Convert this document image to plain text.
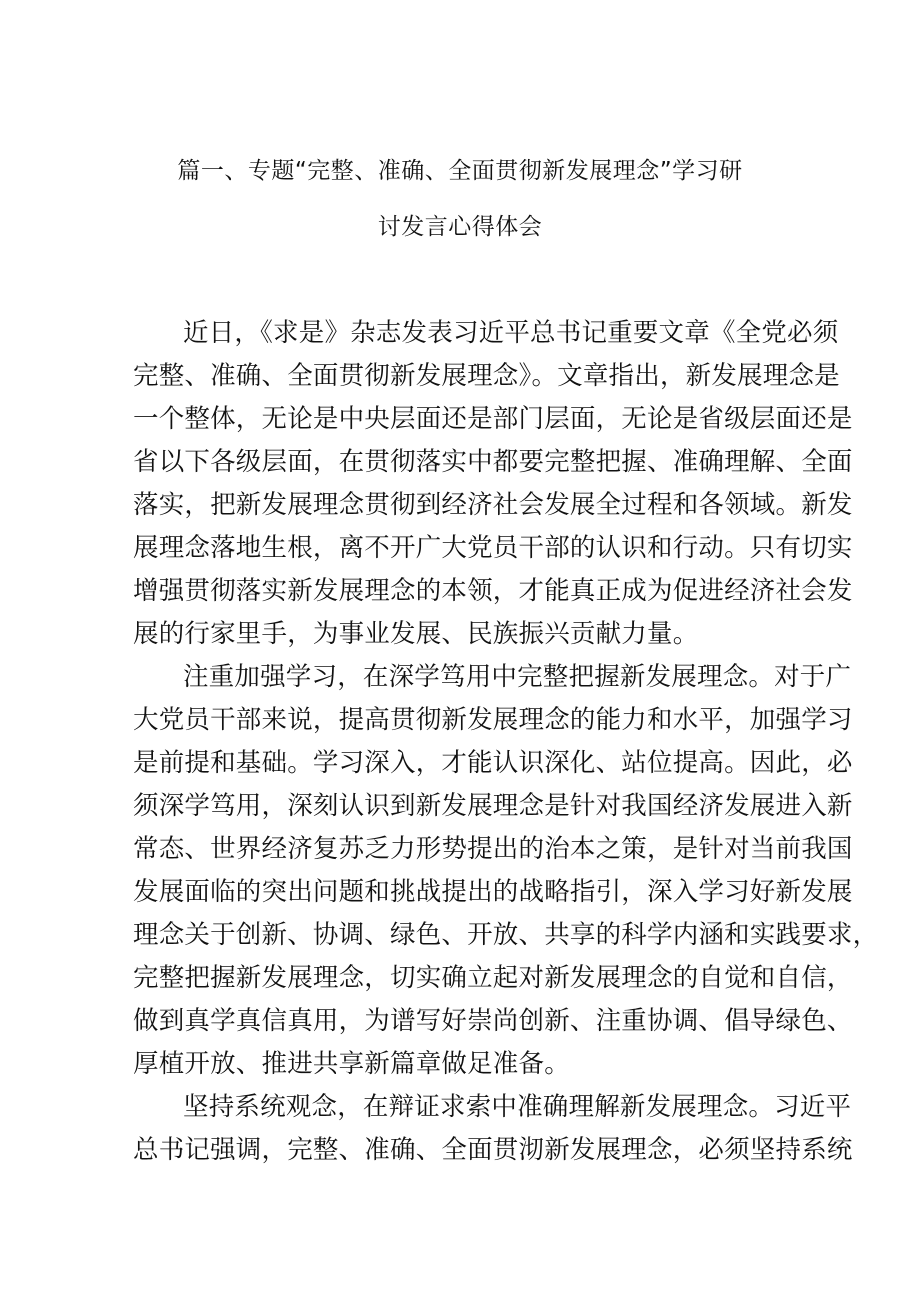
篇一、专题“完整、准确、全面贯彻新发展理念”学习研
讨发言心得体会
近日，《求是》杂志发表习近平总书记重要文章《全党必须
完整、准确、全面贯彻新发展理念》。文章指出，新发展理念是
一个整体，无论是中央层面还是部门层面，无论是省级层面还是
省以下各级层面，在贯彻落实中都要完整把握、准确理解、全面
落实，把新发展理念贯彻到经济社会发展全过程和各领域。新发
展理念落地生根，离不开广大党员干部的认识和行动。只有切实
增强贯彻落实新发展理念的本领，才能真正成为促进经济社会发
展的行家里手，为事业发展、民族振兴贡献力量。
注重加强学习，在深学笃用中完整把握新发展理念。对于广
大党员干部来说，提高贯彻新发展理念的能力和水平，加强学习
是前提和基础。学习深入，才能认识深化、站位提高。因此，必
须深学笃用，深刻认识到新发展理念是针对我国经济发展进入新
常态、世界经济复苏乏力形势提出的治本之策，是针对当前我国
发展面临的突出问题和挑战提出的战略指引，深入学习好新发展
理念关于创新、协调、绿色、开放、共享的科学内涵和实践要求，
完整把握新发展理念，切实确立起对新发展理念的自觉和自信，
做到真学真信真用，为谱写好崇尚创新、注重协调、倡导绿色、
厚植开放、推进共享新篇章做足准备。
坚持系统观念，在辩证求索中准确理解新发展理念。习近平
总书记强调，完整、准确、全面贯沏新发展理念，必须坚持系统
